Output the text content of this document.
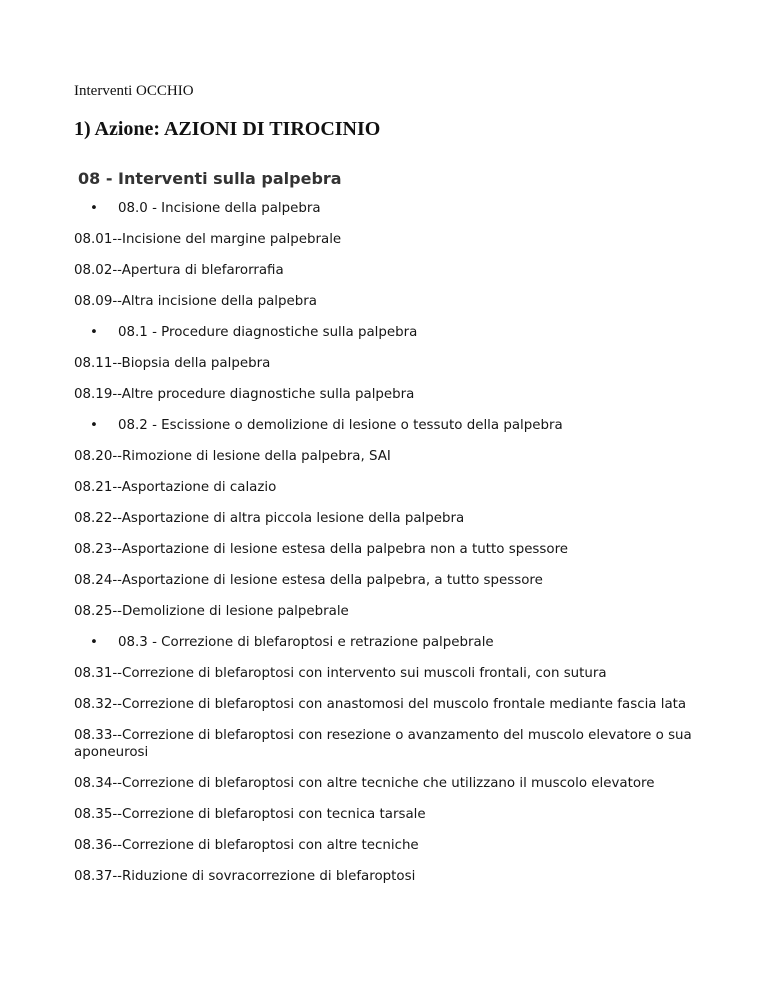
Interventi OCCHIO

1) Azione: AZIONI DI TIROCINIO
08 - Interventi sulla palpebra
• 08.0 - Incisione della palpebra
08.01--Incisione del margine palpebrale
08.02--Apertura di blefarorrafia
08.09--Altra incisione della palpebra
• 08.1 - Procedure diagnostiche sulla palpebra
08.11--Biopsia della palpebra
08.19--Altre procedure diagnostiche sulla palpebra
• 08.2 - Escissione o demolizione di lesione o tessuto della palpebra
08.20--Rimozione di lesione della palpebra, SAI
08.21--Asportazione di calazio
08.22--Asportazione di altra piccola lesione della palpebra
08.23--Asportazione di lesione estesa della palpebra non a tutto spessore
08.24--Asportazione di lesione estesa della palpebra, a tutto spessore
08.25--Demolizione di lesione palpebrale
• 08.3 - Correzione di blefaroptosi e retrazione palpebrale
08.31--Correzione di blefaroptosi con intervento sui muscoli frontali, con sutura
08.32--Correzione di blefaroptosi con anastomosi del muscolo frontale mediante fascia lata
08.33--Correzione di blefaroptosi con resezione o avanzamento del muscolo elevatore o sua aponeurosi
08.34--Correzione di blefaroptosi con altre tecniche che utilizzano il muscolo elevatore
08.35--Correzione di blefaroptosi con tecnica tarsale
08.36--Correzione di blefaroptosi con altre tecniche
08.37--Riduzione di sovracorrezione di blefaroptosi
